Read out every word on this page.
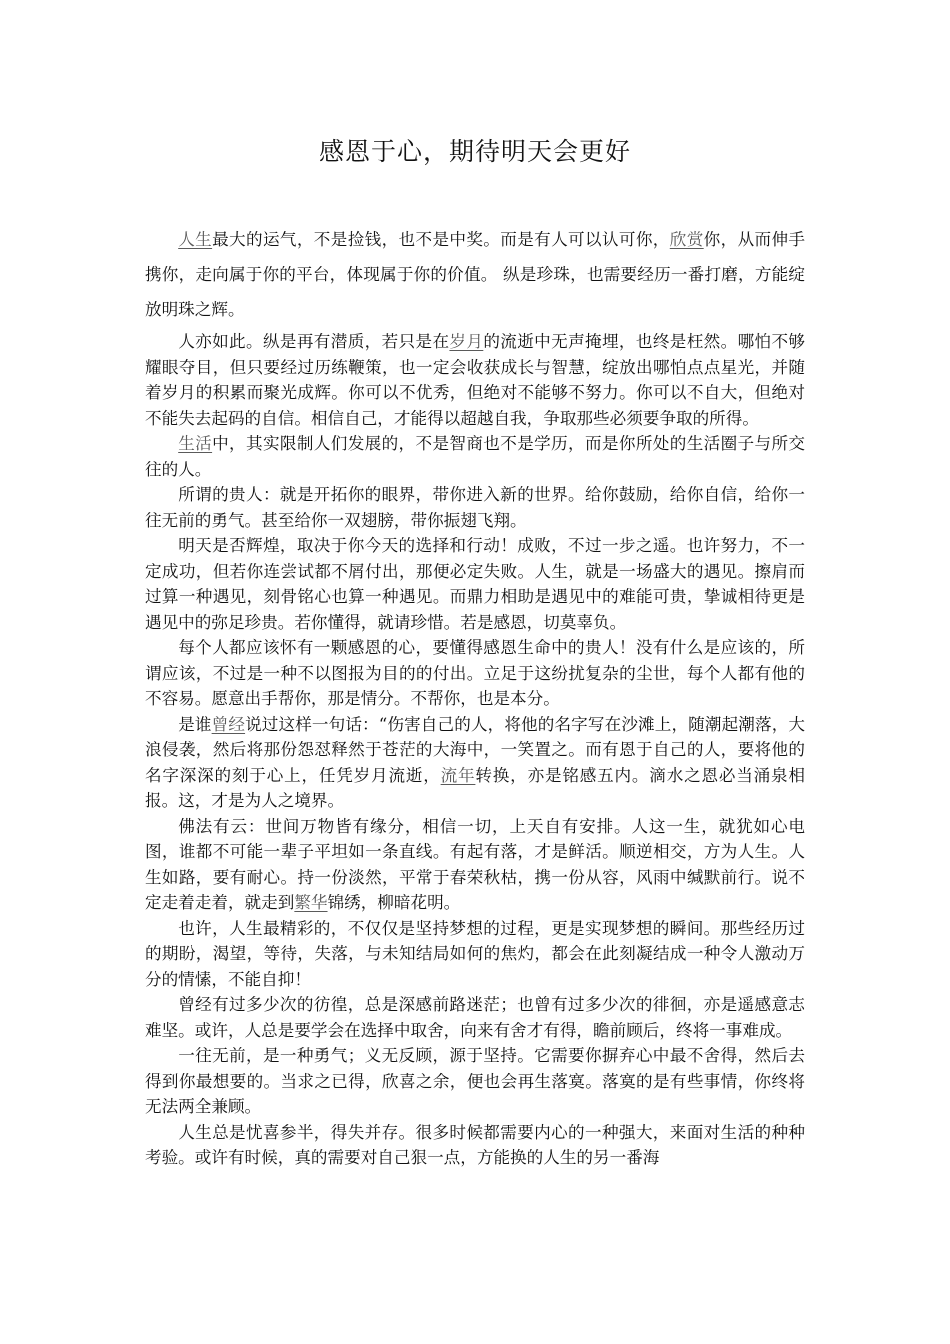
感恩于心，期待明天会更好

人生最大的运气，不是捡钱，也不是中奖。而是有人可以认可你，欣赏你，从而伸手携你，走向属于你的平台，体现属于你的价值。 纵是珍珠，也需要经历一番打磨，方能绽放明珠之辉。

人亦如此。纵是再有潜质，若只是在岁月的流逝中无声掩埋，也终是枉然。哪怕不够耀眼夺目，但只要经过历练鞭策，也一定会收获成长与智慧，绽放出哪怕点点星光，并随着岁月的积累而聚光成辉。你可以不优秀，但绝对不能够不努力。你可以不自大，但绝对不能失去起码的自信。相信自己，才能得以超越自我，争取那些必须要争取的所得。

生活中，其实限制人们发展的，不是智商也不是学历，而是你所处的生活圈子与所交往的人。

所谓的贵人：就是开拓你的眼界，带你进入新的世界。给你鼓励，给你自信，给你一往无前的勇气。甚至给你一双翅膀，带你振翅飞翔。

明天是否辉煌，取决于你今天的选择和行动！成败，不过一步之遥。也许努力，不一定成功，但若你连尝试都不屑付出，那便必定失败。人生，就是一场盛大的遇见。擦肩而过算一种遇见，刻骨铭心也算一种遇见。而鼎力相助是遇见中的难能可贵，挚诚相待更是遇见中的弥足珍贵。若你懂得，就请珍惜。若是感恩，切莫辜负。

每个人都应该怀有一颗感恩的心，要懂得感恩生命中的贵人！没有什么是应该的，所谓应该，不过是一种不以图报为目的的付出。立足于这纷扰复杂的尘世，每个人都有他的不容易。愿意出手帮你，那是情分。不帮你，也是本分。

是谁曾经说过这样一句话：“伤害自己的人，将他的名字写在沙滩上，随潮起潮落，大浪侵袭，然后将那份怨怼释然于苍茫的大海中，一笑置之。而有恩于自己的人，要将他的名字深深的刻于心上，任凭岁月流逝，流年转换，亦是铭感五内。滴水之恩必当涌泉相报。这，才是为人之境界。

佛法有云：世间万物皆有缘分，相信一切，上天自有安排。人这一生，就犹如心电图，谁都不可能一辈子平坦如一条直线。有起有落，才是鲜活。顺逆相交，方为人生。人生如路，要有耐心。持一份淡然，平常于春荣秋枯，携一份从容，风雨中缄默前行。说不定走着走着，就走到繁华锦绣，柳暗花明。

也许，人生最精彩的，不仅仅是坚持梦想的过程，更是实现梦想的瞬间。那些经历过的期盼，渴望，等待，失落，与未知结局如何的焦灼，都会在此刻凝结成一种令人激动万分的情愫，不能自抑！

曾经有过多少次的彷徨，总是深感前路迷茫；也曾有过多少次的徘徊，亦是遥感意志难坚。或许，人总是要学会在选择中取舍，向来有舍才有得，瞻前顾后，终将一事难成。

一往无前，是一种勇气；义无反顾，源于坚持。它需要你摒弃心中最不舍得，然后去得到你最想要的。当求之已得，欣喜之余，便也会再生落寞。落寞的是有些事情，你终将无法两全兼顾。

人生总是忧喜参半，得失并存。很多时候都需要内心的一种强大，来面对生活的种种考验。或许有时候，真的需要对自己狠一点，方能换的人生的另一番海
